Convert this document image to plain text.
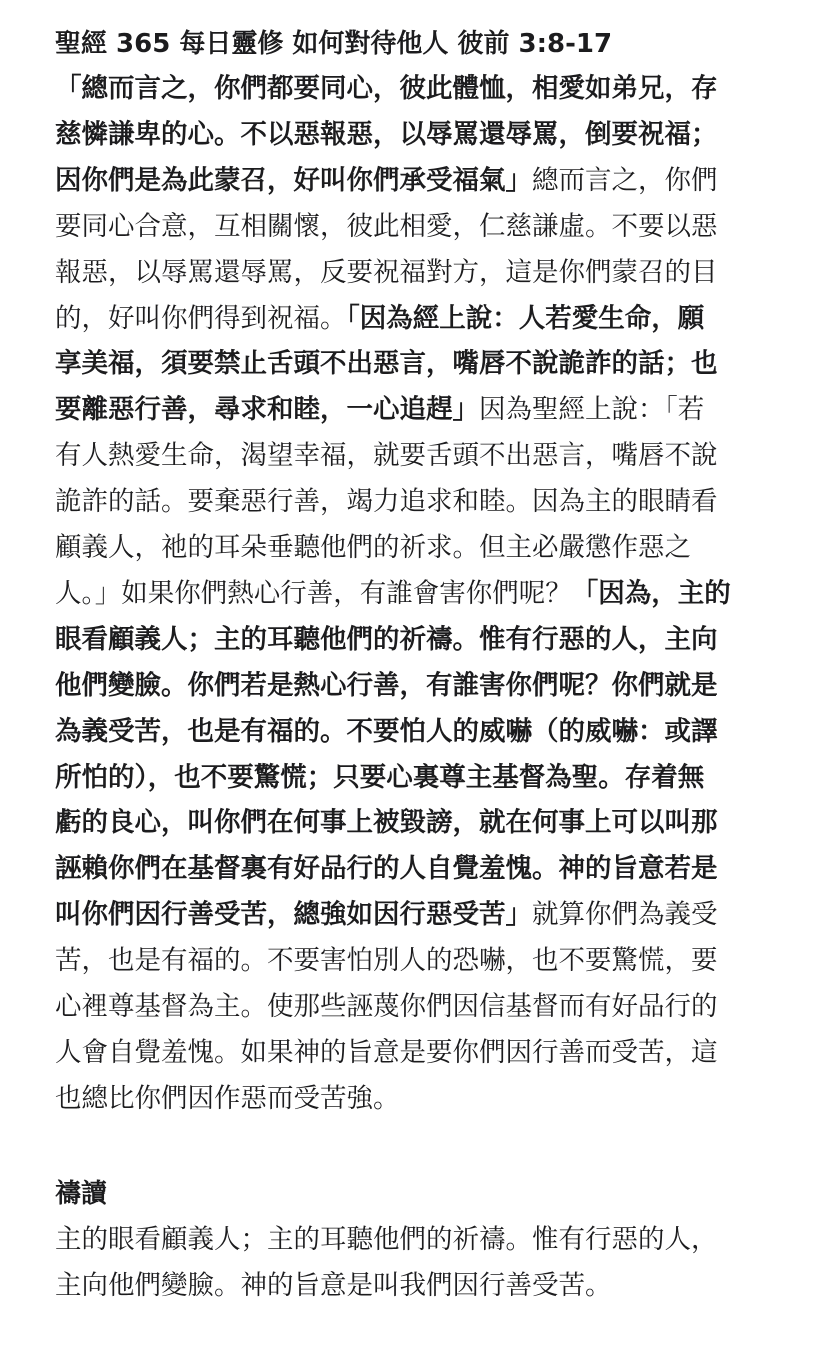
聖經 365 每日靈修 如何對待他人 彼前 3:8-17
「總而言之，你們都要同心，彼此體恤，相愛如弟兄，存
慈憐謙卑的心。不以惡報惡，以辱罵還辱罵，倒要祝福；
因你們是為此蒙召，好叫你們承受福氣」總而言之，你們
要同心合意，互相關懷，彼此相愛，仁慈謙虛。不要以惡
報惡，以辱罵還辱罵，反要祝福對方，這是你們蒙召的目
的，好叫你們得到祝福。「因為經上說：人若愛生命，願
享美福，須要禁止舌頭不出惡言，嘴唇不說詭詐的話；也
要離惡行善，尋求和睦，一心追趕」因為聖經上說：「若
有人熱愛生命，渴望幸福，就要舌頭不出惡言，嘴唇不說
詭詐的話。要棄惡行善，竭力追求和睦。因為主的眼睛看
顧義人，祂的耳朵垂聽他們的祈求。但主必嚴懲作惡之
人。」如果你們熱心行善，有誰會害你們呢？「因為，主的
眼看顧義人；主的耳聽他們的祈禱。惟有行惡的人，主向
他們變臉。你們若是熱心行善，有誰害你們呢？你們就是
為義受苦，也是有福的。不要怕人的威嚇（的威嚇：或譯
所怕的），也不要驚慌；只要心裏尊主基督為聖。存着無
虧的良心，叫你們在何事上被毀謗，就在何事上可以叫那
誣賴你們在基督裏有好品行的人自覺羞愧。神的旨意若是
叫你們因行善受苦，總強如因行惡受苦」就算你們為義受
苦，也是有福的。不要害怕別人的恐嚇，也不要驚慌，要
心裡尊基督為主。使那些誣蔑你們因信基督而有好品行的
人會自覺羞愧。如果神的旨意是要你們因行善而受苦，這
也總比你們因作惡而受苦強。
禱讀
主的眼看顧義人；主的耳聽他們的祈禱。惟有行惡的人，
主向他們變臉。神的旨意是叫我們因行善受苦。
